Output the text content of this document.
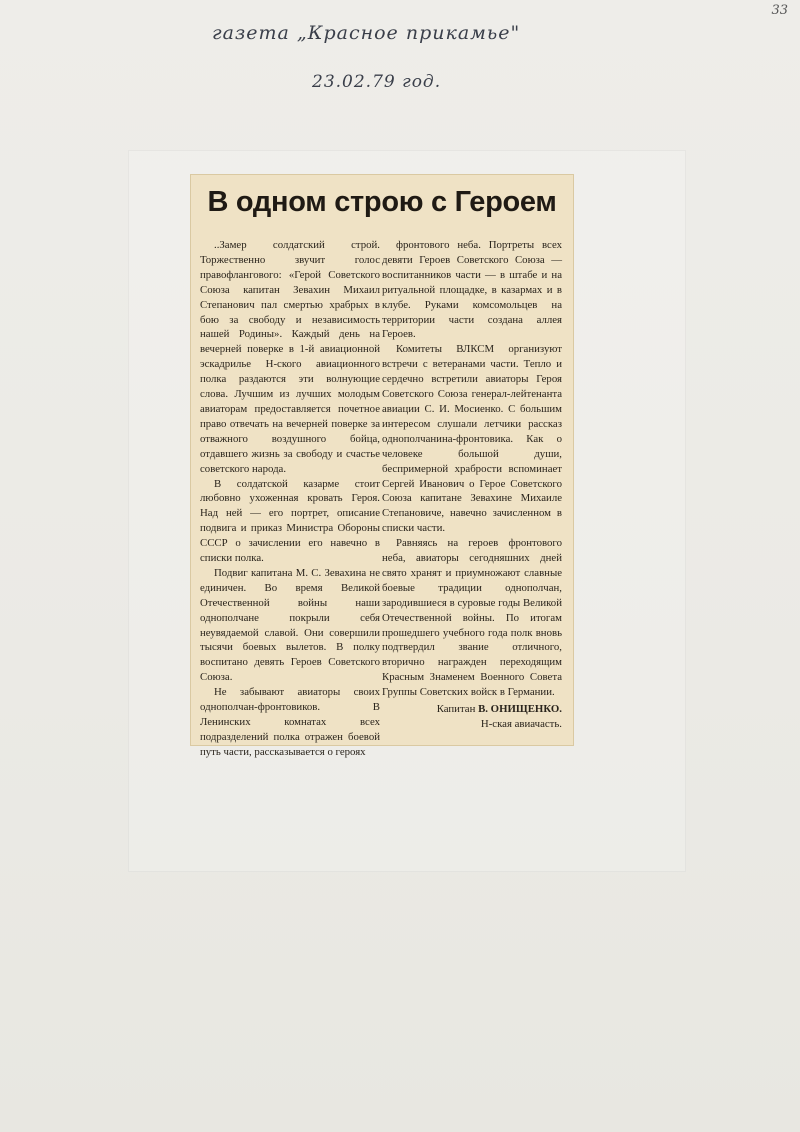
33
газета „Красное прикамье"
23.02.79 год.
В одном строю с Героем

..Замер солдатский строй. Торжественно звучит голос правофлангового: «Герой Советского Союза капитан Зевахин Михаил Степанович пал смертью храбрых в бою за свободу и независимость нашей Родины». Каждый день на вечерней поверке в 1-й авиационной эскадрилье Н-ского авиационного полка раздаются эти волнующие слова. Лучшим из лучших молодым авиаторам предоставляется почетное право отвечать на вечерней поверке за отважного воздушного бойца, отдавшего жизнь за свободу и счастье советского народа.

В солдатской казарме стоит любовно ухоженная кровать Героя. Над ней — его портрет, описание подвига и приказ Министра Обороны СССР о зачислении его навечно в списки полка.

Подвиг капитана М. С. Зевахина не единичен. Во время Великой Отечественной войны наши однополчане покрыли себя неувядаемой славой. Они совершили тысячи боевых вылетов. В полку воспитано девять Героев Советского Союза.

Не забывают авиаторы своих однополчан-фронтовиков. В Ленинских комнатах всех подразделений полка отражен боевой путь части, рассказывается о героях

фронтового неба. Портреты всех девяти Героев Советского Союза — воспитанников части — в штабе и на ритуальной площадке, в казармах и в клубе. Руками комсомольцев на территории части создана аллея Героев.

Комитеты ВЛКСМ организуют встречи с ветеранами части. Тепло и сердечно встретили авиаторы Героя Советского Союза генерал-лейтенанта авиации С. И. Мосиенко. С большим интересом слушали летчики рассказ однополчанина-фронтовика. Как о человеке большой души, беспримерной храбрости вспоминает Сергей Иванович о Герое Советского Союза капитане Зевахине Михаиле Степановиче, навечно зачисленном в списки части.

Равняясь на героев фронтового неба, авиаторы сегодняшних дней свято хранят и приумножают славные боевые традиции однополчан, зародившиеся в суровые годы Великой Отечественной войны. По итогам прошедшего учебного года полк вновь подтвердил звание отличного, вторично награжден переходящим Красным Знаменем Военного Совета Группы Советских войск в Германии.

Капитан В. ОНИЩЕНКО.
Н-ская авиачасть.
